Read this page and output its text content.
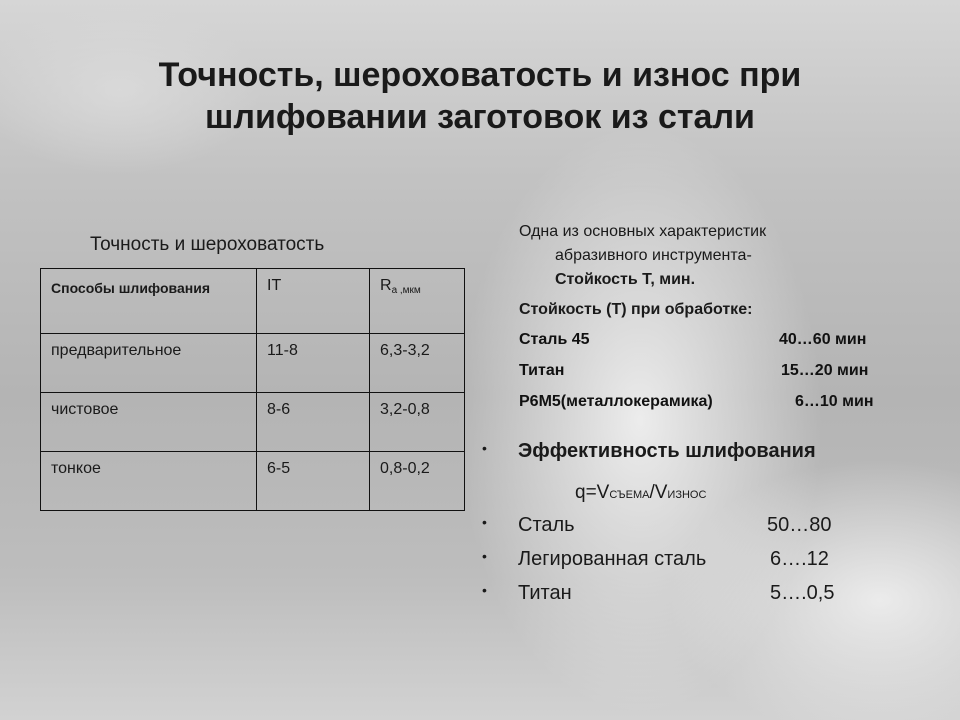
Точность, шероховатость и износ при
шлифовании заготовок из стали
Точность и шероховатость
Способы шлифования	IT	$R_{а ,мкм}$
предварительное	11-8	6,3-3,2
чистовое	8-6	3,2-0,8
тонкое	6-5	0,8-0,2
Одна из основных характеристик
абразивного инструмента-
Стойкость Т, мин.
Стойкость (Т) при обработке:
Сталь 45	40…60 мин
Титан	15…20 мин
Р6М5(металлокерамика)	6…10 мин
• Эффективность шлифования
• Сталь	50…80
• Легированная сталь	6….12
• Титан	5….0,5
q=VСЪЕМА/VИЗНОС
